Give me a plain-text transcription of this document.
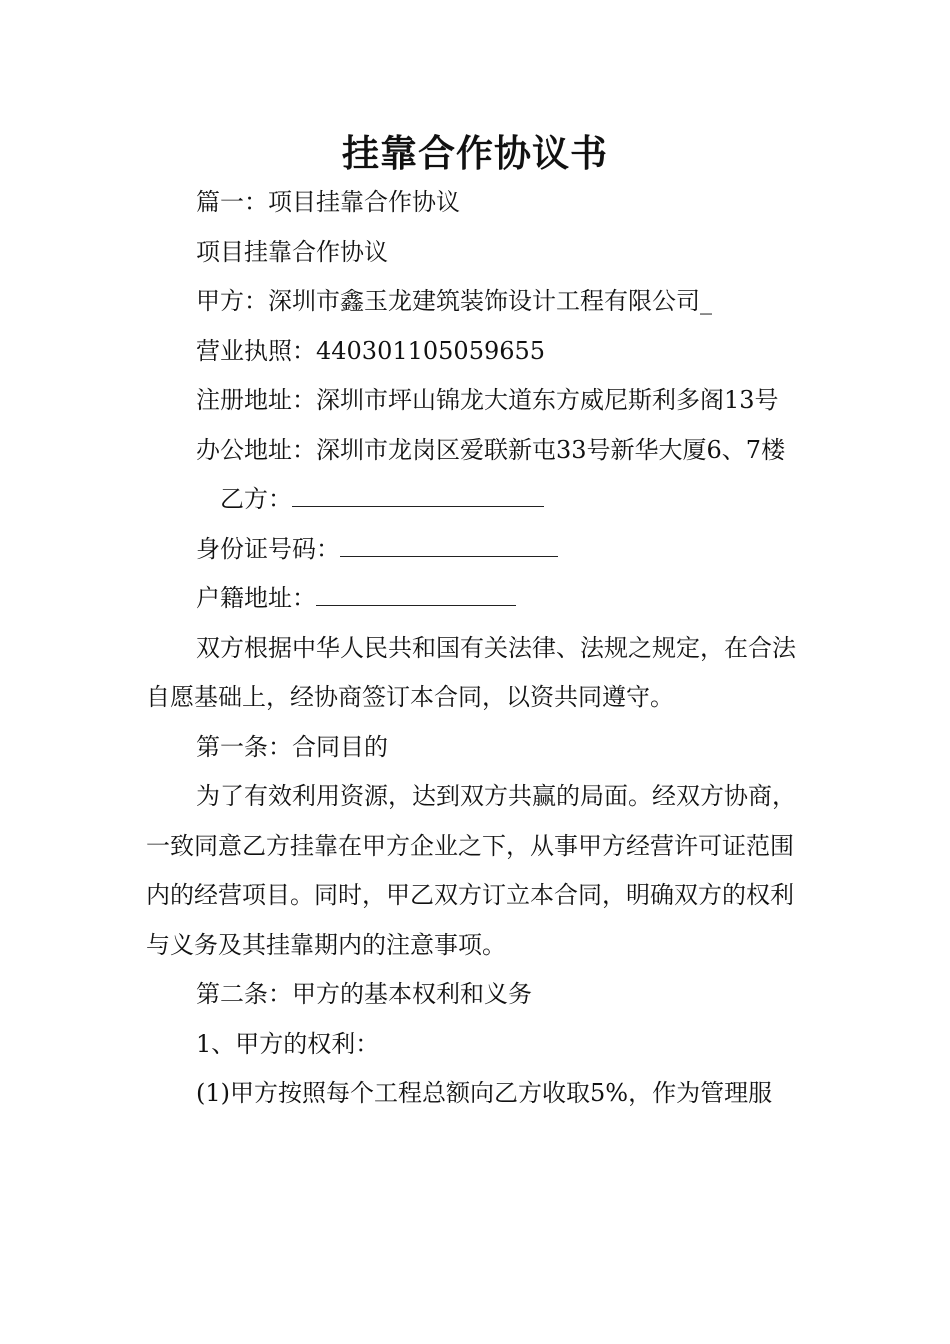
挂靠合作协议书

篇一：项目挂靠合作协议

项目挂靠合作协议

甲方：深圳市鑫玉龙建筑装饰设计工程有限公司_

营业执照：440301105059655

注册地址：深圳市坪山锦龙大道东方威尼斯利多阁13号

办公地址：深圳市龙岗区爱联新屯33号新华大厦6、7楼

乙方：

身份证号码：

户籍地址：

双方根据中华人民共和国有关法律、法规之规定，在合法自愿基础上，经协商签订本合同，以资共同遵守。

第一条：合同目的

为了有效利用资源，达到双方共赢的局面。经双方协商，一致同意乙方挂靠在甲方企业之下，从事甲方经营许可证范围内的经营项目。同时，甲乙双方订立本合同，明确双方的权利与义务及其挂靠期内的注意事项。

第二条：甲方的基本权利和义务

1、甲方的权利：

(1)甲方按照每个工程总额向乙方收取5%，作为管理服
